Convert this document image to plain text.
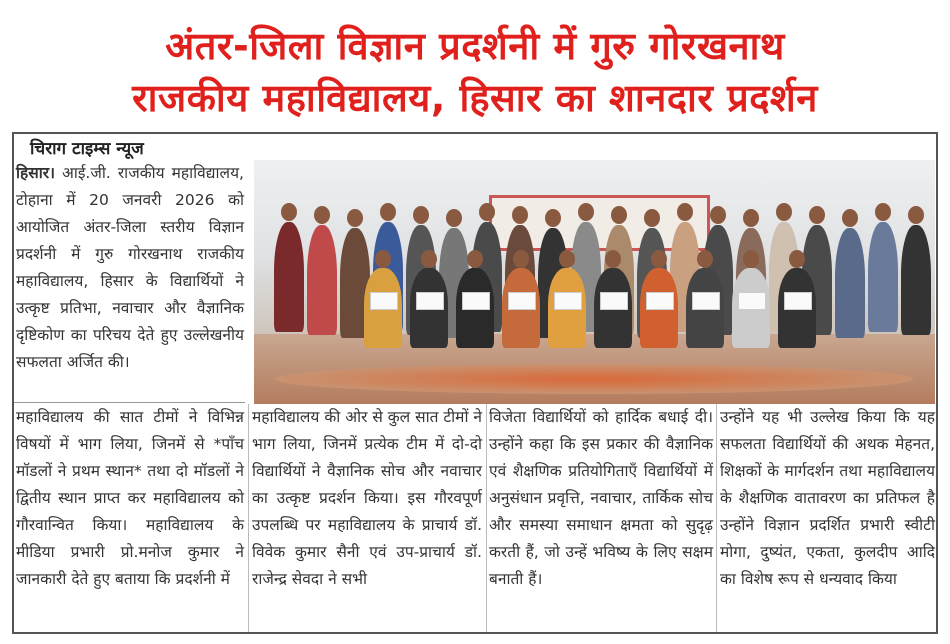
अंतर-जिला विज्ञान प्रदर्शनी में गुरु गोरखनाथ
राजकीय महाविद्यालय, हिसार का शानदार प्रदर्शन
चिराग टाइम्स न्यूज
हिसार। आई.जी. राजकीय महाविद्यालय, टोहाना में 20 जनवरी 2026 को आयोजित अंतर-जिला स्तरीय विज्ञान प्रदर्शनी में गुरु गोरखनाथ राजकीय महाविद्यालय, हिसार के विद्यार्थियों ने उत्कृष्ट प्रतिभा, नवाचार और वैज्ञानिक दृष्टिकोण का परिचय देते हुए उल्लेखनीय सफलता अर्जित की।
महाविद्यालय की सात टीमों ने विभिन्न विषयों में भाग लिया, जिनमें से *पाँच मॉडलों ने प्रथम स्थान* तथा दो मॉडलों ने द्वितीय स्थान प्राप्त कर महाविद्यालय को गौरवान्वित किया। महाविद्यालय के मीडिया प्रभारी प्रो.मनोज कुमार ने जानकारी देते हुए बताया कि प्रदर्शनी में
महाविद्यालय की ओर से कुल सात टीमों ने भाग लिया, जिनमें प्रत्येक टीम में दो-दो विद्यार्थियों ने वैज्ञानिक सोच और नवाचार का उत्कृष्ट प्रदर्शन किया। इस गौरवपूर्ण उपलब्धि पर महाविद्यालय के प्राचार्य डॉ. विवेक कुमार सैनी एवं उप-प्राचार्य डॉ. राजेन्द्र सेवदा ने सभी
विजेता विद्यार्थियों को हार्दिक बधाई दी। उन्होंने कहा कि इस प्रकार की वैज्ञानिक एवं शैक्षणिक प्रतियोगिताएँ विद्यार्थियों में अनुसंधान प्रवृत्ति, नवाचार, तार्किक सोच और समस्या समाधान क्षमता को सुदृढ़ करती हैं, जो उन्हें भविष्य के लिए सक्षम बनाती हैं।
उन्होंने यह भी उल्लेख किया कि यह सफलता विद्यार्थियों की अथक मेहनत, शिक्षकों के मार्गदर्शन तथा महाविद्यालय के शैक्षणिक वातावरण का प्रतिफल है उन्होंने विज्ञान प्रदर्शित प्रभारी स्वीटी मोगा, दुष्यंत, एकता, कुलदीप आदि का विशेष रूप से धन्यवाद किया
